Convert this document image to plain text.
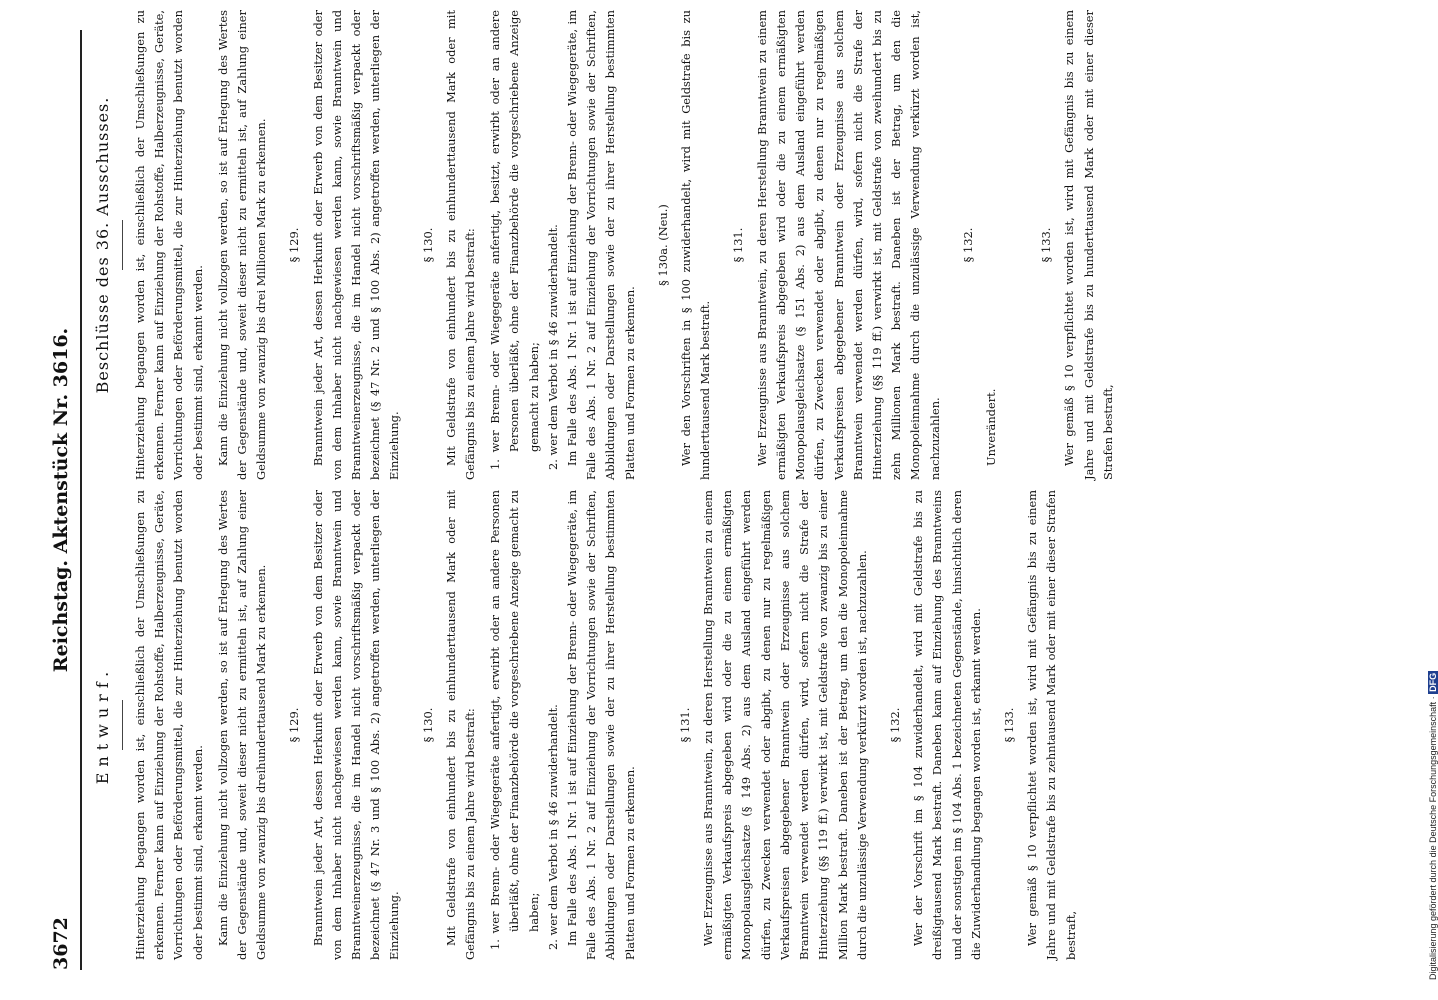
3672
Reichstag. Aktenstück Nr. 3616.
Entwurf.	Hinterziehung begangen worden ist, einschließlich der Umschließungen zu erkennen. Ferner kann auf Einziehung der Rohstoffe, Halberzeugnisse, Geräte, Vorrichtungen oder Beförderungsmittel, die zur Hinterziehung benutzt worden oder bestimmt sind, erkannt werden. Kann die Einziehung nicht vollzogen werden, so ist auf Erlegung des Wertes der Gegenstände und, soweit dieser nicht zu ermitteln ist, auf Zahlung einer Geldsumme von zwanzig bis dreihunderttausend Mark zu erkennen. § 129. Branntwein jeder Art, dessen Herkunft oder Erwerb von dem Besitzer oder von dem Inhaber nicht nachgewiesen werden kann, sowie Branntwein und Branntweinerzeugnisse, die im Handel nicht vorschriftsmäßig verpackt oder bezeichnet (§ 47 Nr. 3 und § 100 Abs. 2) angetroffen werden, unterliegen der Einziehung.

§ 130. Mit Geldstrafe von einhundert bis zu einhunderttausend Mark oder mit Gefängnis bis zu einem Jahre wird bestraft: 1. wer Brenn- oder Wiegegeräte anfertigt, erwirbt oder an andere Personen überläßt, ohne der Finanzbehörde die vorgeschriebene Anzeige gemacht zu haben; 2. wer dem Verbot in § 46 zuwiderhandelt. Im Falle des Abs. 1 Nr. 1 ist auf Einziehung der Brenn- oder Wiegegeräte, im Falle des Abs. 1 Nr. 2 auf Einziehung der Vorrichtungen sowie der Schriften, Abbildungen oder Darstellungen sowie der zu ihrer Herstellung bestimmten Platten und Formen zu erkennen.

§ 131. Wer Erzeugnisse aus Branntwein, zu deren Herstellung Branntwein zu einem ermäßigten Verkaufspreis abgegeben wird oder die zu einem ermäßigten Monopolausgleichsatze (§ 149 Abs. 2) aus dem Ausland eingeführt werden dürfen, zu Zwecken verwendet oder abgibt, zu denen nur zu regelmäßigen Verkaufspreisen abgegebener Branntwein oder Erzeugnisse aus solchem Branntwein verwendet werden dürfen, wird, sofern nicht die Strafe der Hinterziehung (§§ 119 ff.) verwirkt ist, mit Geldstrafe von zwanzig bis zu einer Million Mark bestraft. Daneben ist der Betrag, um den die Monopoleinnahme durch die unzulässige Verwendung verkürzt worden ist, nachzuzahlen. § 132. Wer der Vorschrift im § 104 zuwiderhandelt, wird mit Geldstrafe bis zu dreißigtausend Mark bestraft. Daneben kann auf Einziehung des Branntweins und der sonstigen im § 104 Abs. 1 bezeichneten Gegenstände, hinsichtlich deren die Zuwiderhandlung begangen worden ist, erkannt werden. § 133. Wer gemäß § 10 verpflichtet worden ist, wird mit Gefängnis bis zu einem Jahre und mit Geldstrafe bis zu zehntausend Mark oder mit einer dieser Strafen bestraft,

Beschlüsse des 36. Ausschusses.	Hinterziehung begangen worden ist, einschließlich der Umschließungen zu erkennen. Ferner kann auf Einziehung der Rohstoffe, Halberzeugnisse, Geräte, Vorrichtungen oder Beförderungsmittel, die zur Hinterziehung benutzt worden oder bestimmt sind, erkannt werden. Kann die Einziehung nicht vollzogen werden, so ist auf Erlegung des Wertes der Gegenstände und, soweit dieser nicht zu ermitteln ist, auf Zahlung einer Geldsumme von zwanzig bis drei Millionen Mark zu erkennen. § 129. Branntwein jeder Art, dessen Herkunft oder Erwerb von dem Besitzer oder von dem Inhaber nicht nachgewiesen werden kann, sowie Branntwein und Branntweinerzeugnisse, die im Handel nicht vorschriftsmäßig verpackt oder bezeichnet (§ 47 Nr. 2 und § 100 Abs. 2) angetroffen werden, unterliegen der Einziehung.

§ 130. Mit Geldstrafe von einhundert bis zu einhunderttausend Mark oder mit Gefängnis bis zu einem Jahre wird bestraft: 1. wer Brenn- oder Wiegegeräte anfertigt, besitzt, erwirbt oder an andere Personen überläßt, ohne der Finanzbehörde die vorgeschriebene Anzeige gemacht zu haben; 2. wer dem Verbot in § 46 zuwiderhandelt. Im Falle des Abs. 1 Nr. 1 ist auf Einziehung der Brenn- oder Wiegegeräte, im Falle des Abs. 1 Nr. 2 auf Einziehung der Vorrichtungen sowie der Schriften, Abbildungen oder Darstellungen sowie der zu ihrer Herstellung bestimmten Platten und Formen zu erkennen.

§ 130a. (Neu.) Wer den Vorschriften in § 100 zuwiderhandelt, wird mit Geldstrafe bis zu hunderttausend Mark bestraft.

§ 131. Wer Erzeugnisse aus Branntwein, zu deren Herstellung Branntwein zu einem ermäßigten Verkaufspreis abgegeben wird oder die zu einem ermäßigten Monopolausgleichsatze (§ 151 Abs. 2) aus dem Ausland eingeführt werden dürfen, zu Zwecken verwendet oder abgibt, zu denen nur zu regelmäßigen Verkaufspreisen abgegebener Branntwein oder Erzeugnisse aus solchem Branntwein verwendet werden dürfen, wird, sofern nicht die Strafe der Hinterziehung (§§ 119 ff.) verwirkt ist, mit Geldstrafe von zweihundert bis zu zehn Millionen Mark bestraft. Daneben ist der Betrag, um den die Monopoleinnahme durch die unzulässige Verwendung verkürzt worden ist, nachzuzahlen.

§ 132.

Unverändert.

§ 133. Wer gemäß § 10 verpflichtet worden ist, wird mit Gefängnis bis zu einem Jahre und mit Geldstrafe bis zu hunderttausend Mark oder mit einer dieser Strafen bestraft,

Digitalisierung gefördert durch die Deutsche Forschungsgemeinschaft · DFG
